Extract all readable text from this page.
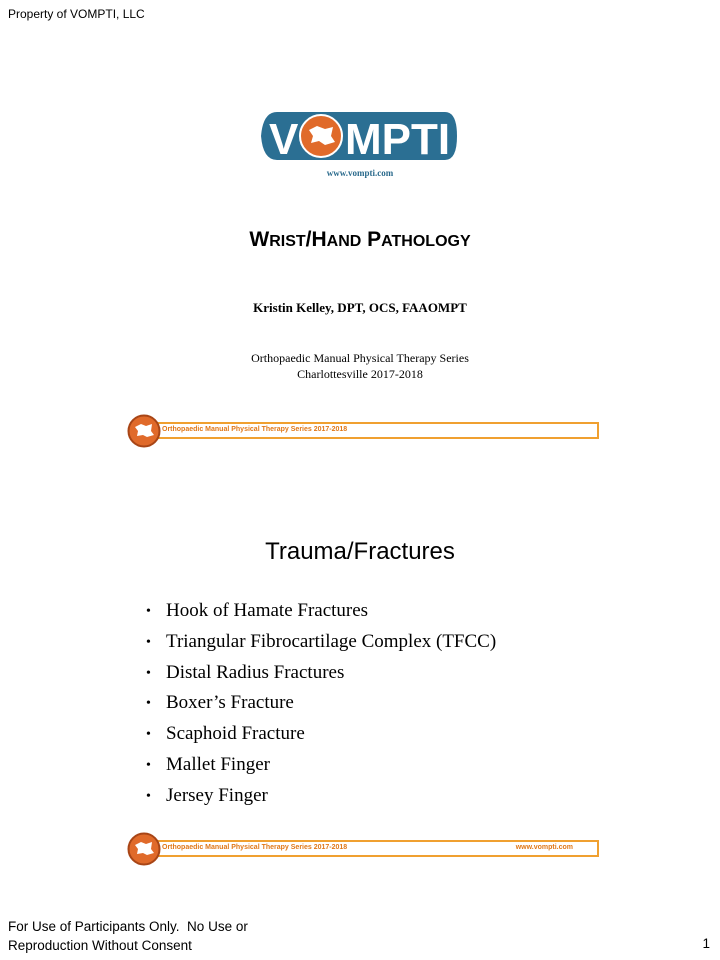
Property of VOMPTI, LLC
V MPTI
www.vompti.com
WRIST/HAND PATHOLOGY
Kristin Kelley, DPT, OCS, FAAOMPT
Orthopaedic Manual Physical Therapy Series
Charlottesville 2017-2018
Orthopaedic Manual Physical Therapy Series 2017-2018
Trauma/Fractures
• Hook of Hamate Fractures
• Triangular Fibrocartilage Complex (TFCC)
• Distal Radius Fractures
• Boxer’s Fracture
• Scaphoid Fracture
• Mallet Finger
• Jersey Finger
Orthopaedic Manual Physical Therapy Series 2017-2018	www.vompti.com
For Use of Participants Only.  No Use or
Reproduction Without Consent	1
